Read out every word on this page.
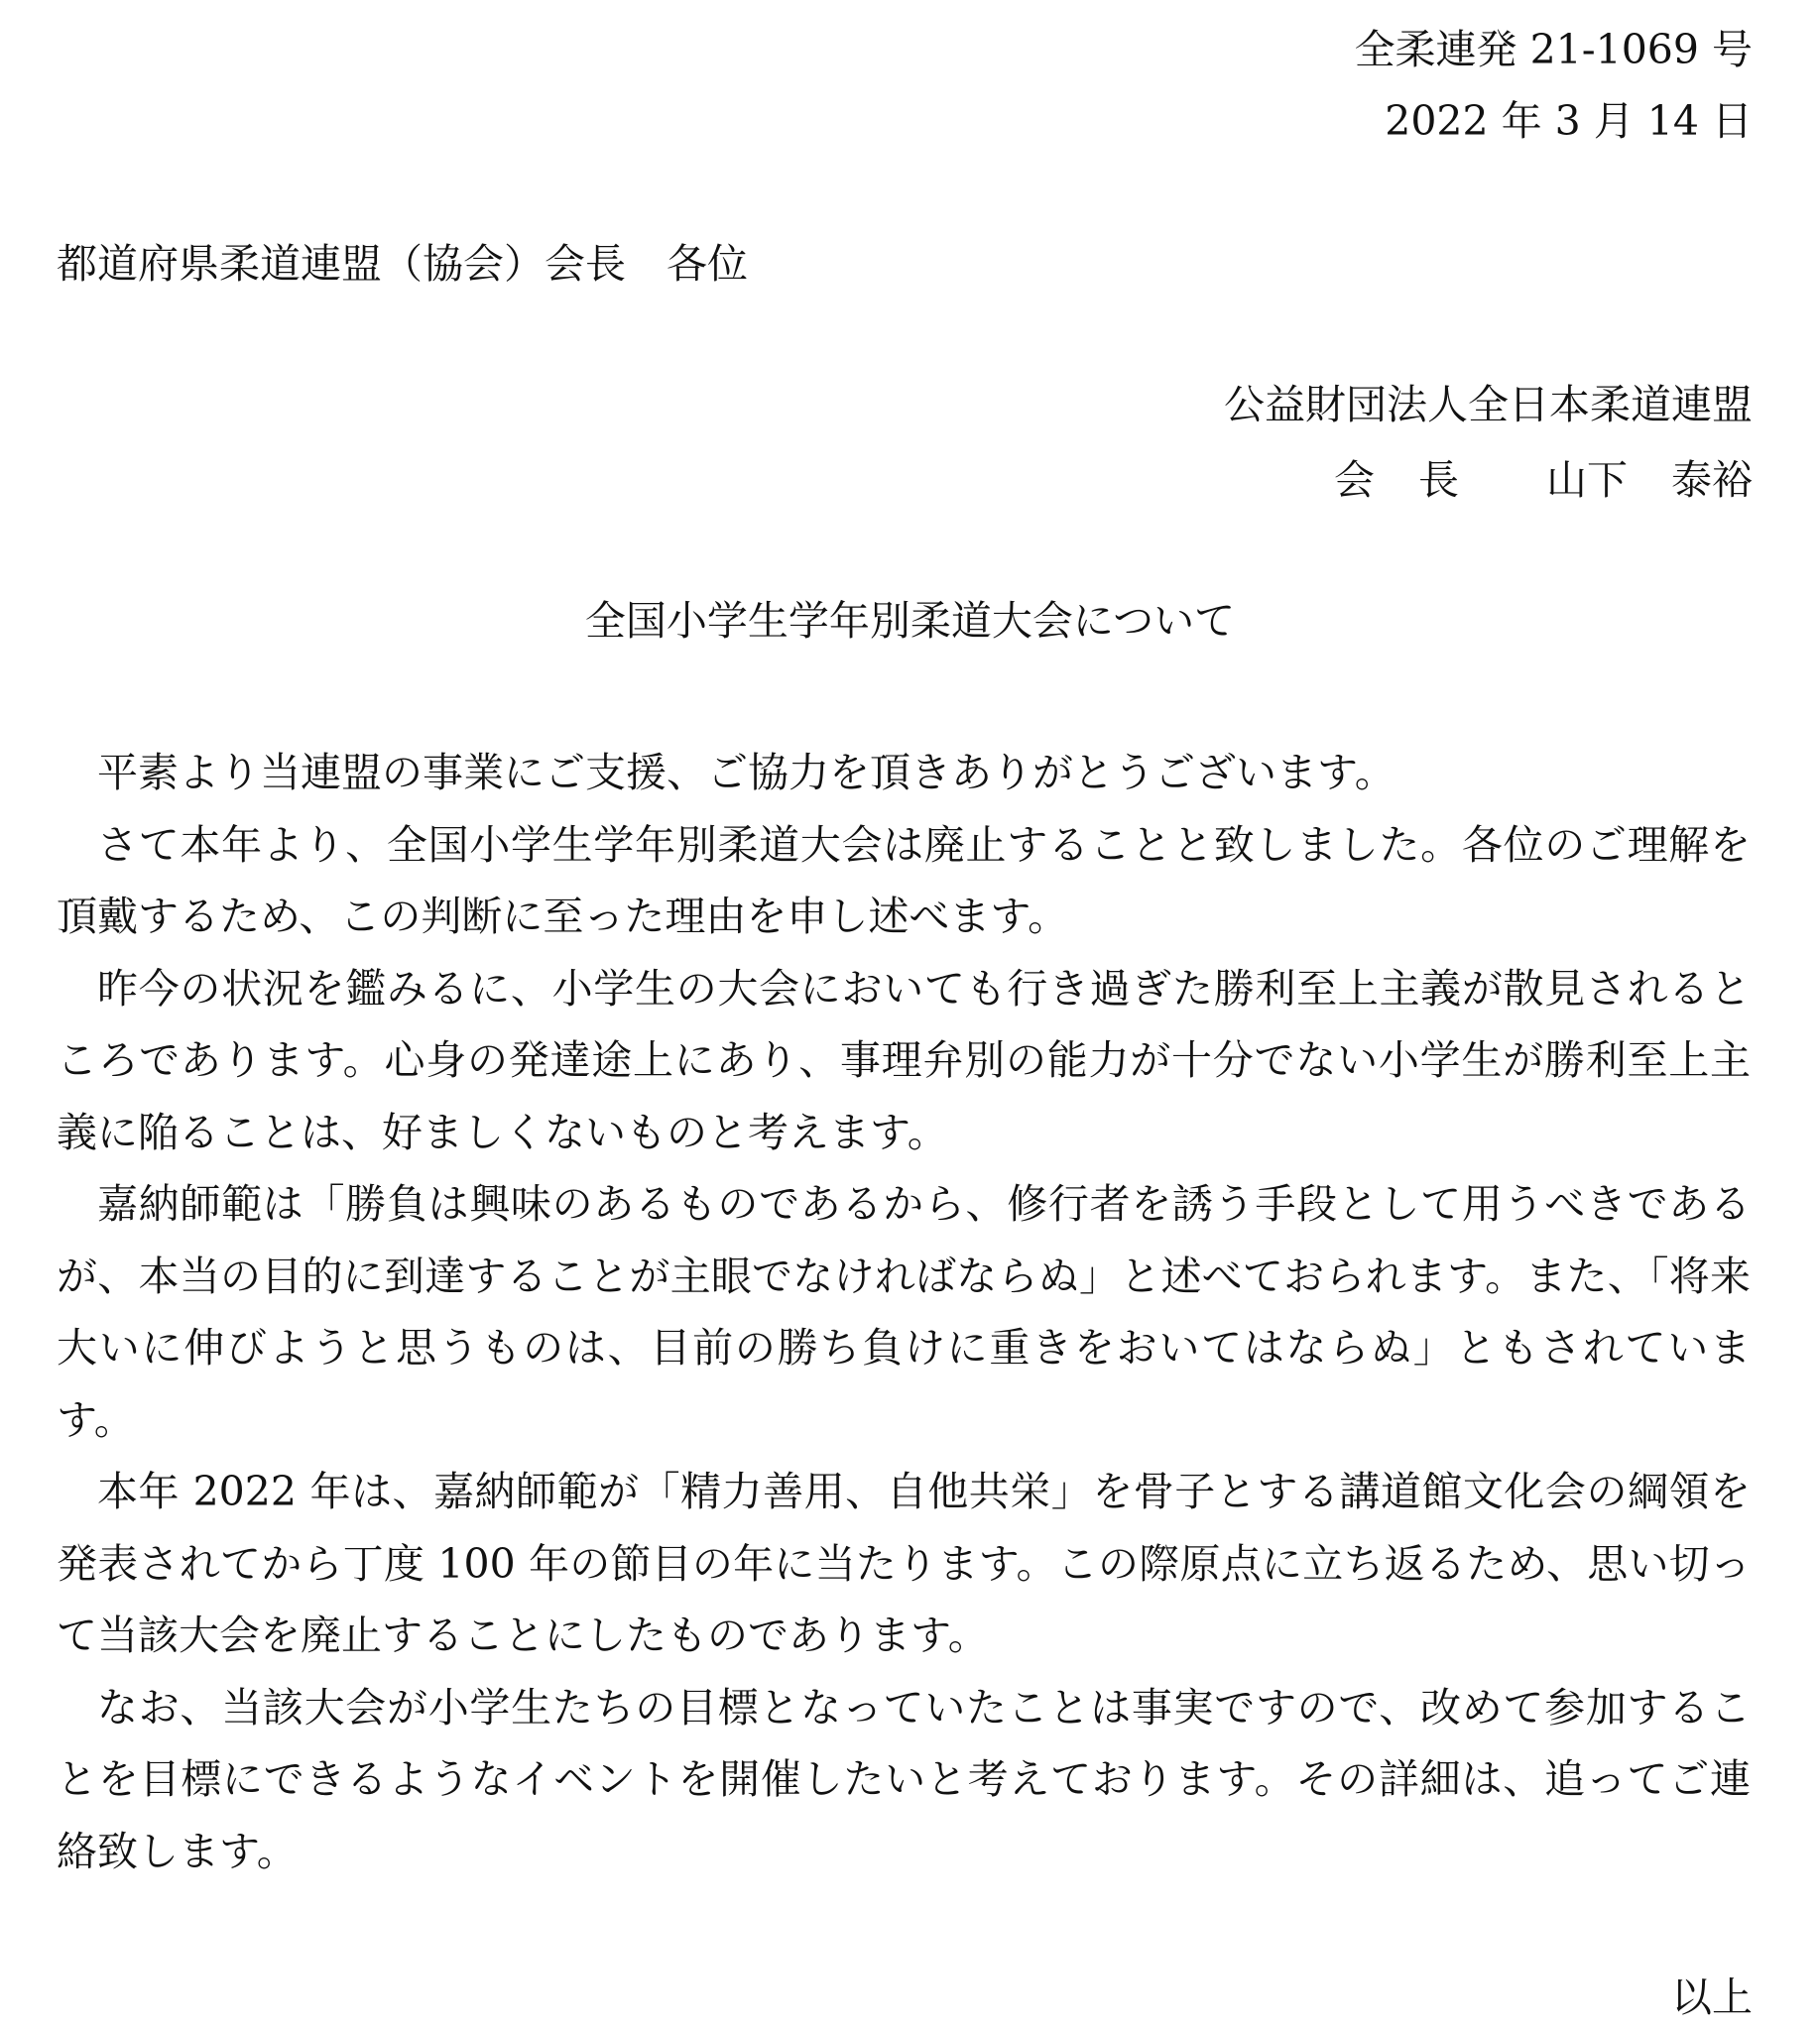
全柔連発 21-1069 号
2022 年 3 月 14 日
都道府県柔道連盟（協会）会長　各位
公益財団法人全日本柔道連盟
会 長 山下 泰裕
全国小学生学年別柔道大会について

平素より当連盟の事業にご支援、ご協力を頂きありがとうございます。

さて本年より、全国小学生学年別柔道大会は廃止することと致しました。各位のご理解を頂戴するため、この判断に至った理由を申し述べます。

昨今の状況を鑑みるに、小学生の大会においても行き過ぎた勝利至上主義が散見されるところであります。心身の発達途上にあり、事理弁別の能力が十分でない小学生が勝利至上主義に陥ることは、好ましくないものと考えます。

嘉納師範は「勝負は興味のあるものであるから、修行者を誘う手段として用うべきであるが、本当の目的に到達することが主眼でなければならぬ」と述べておられます。また、「将来大いに伸びようと思うものは、目前の勝ち負けに重きをおいてはならぬ」ともされています。

本年 2022 年は、嘉納師範が「精力善用、自他共栄」を骨子とする講道館文化会の綱領を発表されてから丁度 100 年の節目の年に当たります。この際原点に立ち返るため、思い切って当該大会を廃止することにしたものであります。

なお、当該大会が小学生たちの目標となっていたことは事実ですので、改めて参加することを目標にできるようなイベントを開催したいと考えております。その詳細は、追ってご連絡致します。

以上
